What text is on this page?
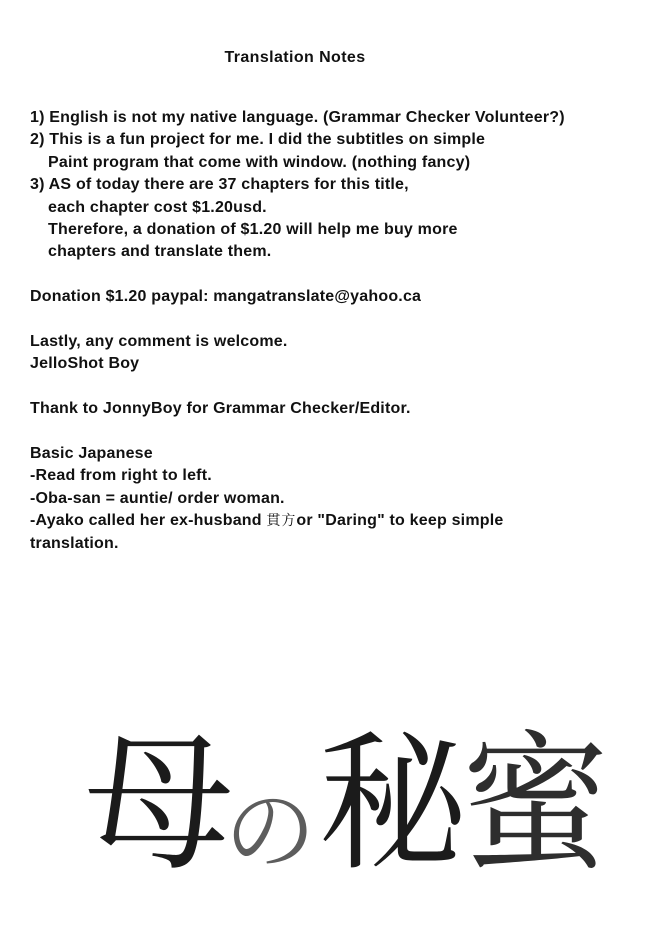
Translation Notes
1) English is not my native language. (Grammar Checker Volunteer?)
2) This is a fun project for me. I did the subtitles on simple
Paint program that come with window. (nothing fancy)
3) AS of today there are 37 chapters for this title,
each chapter cost $1.20usd.
Therefore, a donation of $1.20 will help me buy more
chapters and translate them.
Donation $1.20 paypal: mangatranslate@yahoo.ca
Lastly, any comment is welcome.
JelloShot Boy
Thank to JonnyBoy for Grammar Checker/Editor.
Basic Japanese
-Read from right to left.
-Oba-san = auntie/ order woman.
-Ayako called her ex-husband 貫方or "Daring" to keep simple
translation.
母
の 秘 蜜
